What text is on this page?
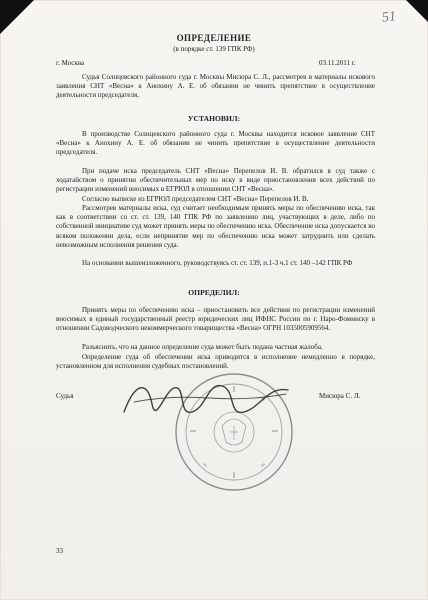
51
ОПРЕДЕЛЕНИЕ
(в порядке ст. 139 ГПК РФ)
г. Москва	03.11.2011 г.
Судья Солнцевского районного суда г. Москвы Мисюра С. Л., рассмотрев в материалы искового заявления СНТ «Весна» к Анохину А. Е. об обязании не чинить препятствие в осуществление деятельности председателя,
УСТАНОВИЛ:
В производстве Солнцевского районного суда г. Москвы находится исковое заявление СНТ «Весна» к Анохину А. Е. об обязании не чинить препятствие в осуществление деятельности председателя.
При подаче иска председатель СНТ «Весна» Перепелов И. В. обратился в суд также с ходатайством о принятии обеспечительных мер по иску в виде приостановления всех действий по регистрации изменений вносимых в ЕГРЮЛ в отношении СНТ «Весна».
Согласно выписке из ЕГРЮЛ председателем СНТ «Весна» Перепелов И. В.
Рассмотрев материалы иска, суд считает необходимым принять меры по обеспечению иска, так как в соответствии со ст. ст. 139, 140 ГПК РФ по заявлению лиц, участвующих в деле, либо по собственной инициативе суд может принять меры по обеспечению иска. Обеспечение иска допускается во всяком положении дела, если непринятие мер по обеспечению иска может затруднить или сделать невозможным исполнения решения суда.
На основании вышеизложенного, руководствуясь ст. ст. 139, п.1-3 ч.1 ст. 140 –142 ГПК РФ
ОПРЕДЕЛИЛ:
Принять меры по обеспечению иска – приостановить все действия по регистрации изменений вносимых в единый государственный реестр юридических лиц ИФНС России по г. Наро-Фоминску в отношении Садоводческого некоммерческого товарищества «Весна» ОГРН 1035005909564.
Разъяснить, что на данное определение суда может быть подана частная жалоба.
Определение суда об обеспечении иска приводится в исполнение немедленно в порядке, установленном для исполнения судебных постановлений.
Судья	Мисюра С. Л.
33
